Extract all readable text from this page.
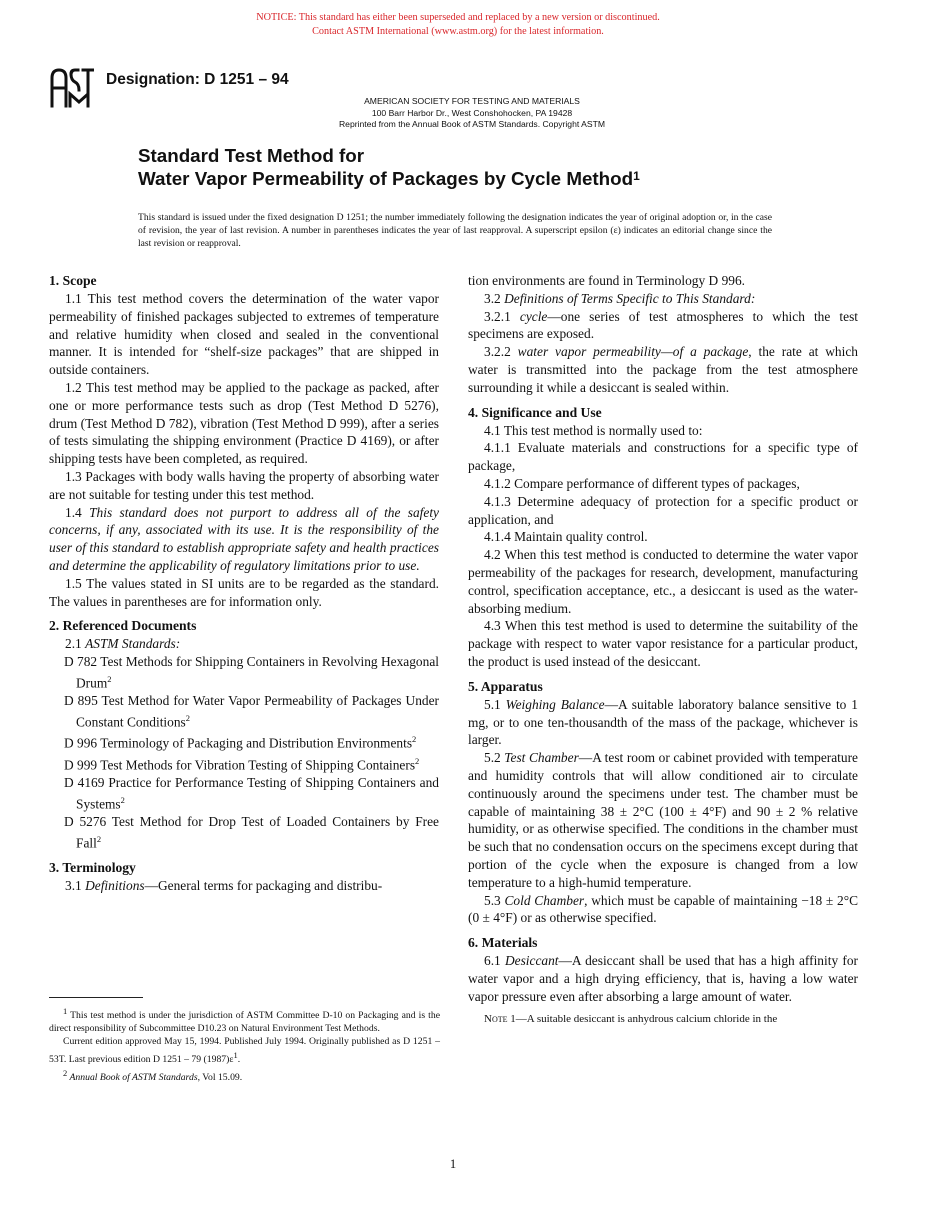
NOTICE: This standard has either been superseded and replaced by a new version or discontinued.
Contact ASTM International (www.astm.org) for the latest information.
Designation: D 1251 – 94
AMERICAN SOCIETY FOR TESTING AND MATERIALS
100 Barr Harbor Dr., West Conshohocken, PA 19428
Reprinted from the Annual Book of ASTM Standards. Copyright ASTM
Standard Test Method for
Water Vapor Permeability of Packages by Cycle Method$^1$
This standard is issued under the fixed designation D 1251; the number immediately following the designation indicates the year of original adoption or, in the case of revision, the year of last revision. A number in parentheses indicates the year of last reapproval. A superscript epsilon (ε) indicates an editorial change since the last revision or reapproval.
1. Scope

1.1 This test method covers the determination of the water vapor permeability of finished packages subjected to extremes of temperature and relative humidity when closed and sealed in the conventional manner. It is intended for “shelf-size packages” that are shipped in outside containers.

1.2 This test method may be applied to the package as packed, after one or more performance tests such as drop (Test Method D 5276), drum (Test Method D 782), vibration (Test Method D 999), after a series of tests simulating the shipping environment (Practice D 4169), or after shipping tests have been completed, as required.

1.3 Packages with body walls having the property of absorbing water are not suitable for testing under this test method.

1.4 This standard does not purport to address all of the safety concerns, if any, associated with its use. It is the responsibility of the user of this standard to establish appropriate safety and health practices and determine the applicability of regulatory limitations prior to use.

1.5 The values stated in SI units are to be regarded as the standard. The values in parentheses are for information only.

2. Referenced Documents

2.1 ASTM Standards:

D 782 Test Methods for Shipping Containers in Revolving Hexagonal Drum$^2$
D 895 Test Method for Water Vapor Permeability of Packages Under Constant Conditions$^2$
D 996 Terminology of Packaging and Distribution Environments$^2$
D 999 Test Methods for Vibration Testing of Shipping Containers$^2$
D 4169 Practice for Performance Testing of Shipping Containers and Systems$^2$
D 5276 Test Method for Drop Test of Loaded Containers by Free Fall$^2$
3. Terminology

3.1 Definitions—General terms for packaging and distribu-

tion environments are found in Terminology D 996.

3.2 Definitions of Terms Specific to This Standard:

3.2.1 cycle—one series of test atmospheres to which the test specimens are exposed.

3.2.2 water vapor permeability—of a package, the rate at which water is transmitted into the package from the test atmosphere surrounding it while a desiccant is sealed within.

4. Significance and Use

4.1 This test method is normally used to:

4.1.1 Evaluate materials and constructions for a specific type of package,

4.1.2 Compare performance of different types of packages,

4.1.3 Determine adequacy of protection for a specific product or application, and

4.1.4 Maintain quality control.

4.2 When this test method is conducted to determine the water vapor permeability of the packages for research, development, manufacturing control, specification acceptance, etc., a desiccant is used as the water-absorbing medium.

4.3 When this test method is used to determine the suitability of the package with respect to water vapor resistance for a particular product, the product is used instead of the desiccant.

5. Apparatus

5.1 Weighing Balance—A suitable laboratory balance sensitive to 1 mg, or to one ten-thousandth of the mass of the package, whichever is larger.

5.2 Test Chamber—A test room or cabinet provided with temperature and humidity controls that will allow conditioned air to circulate continuously around the specimens under test. The chamber must be capable of maintaining 38 ± 2°C (100 ± 4°F) and 90 ± 2 % relative humidity, or as otherwise specified. The conditions in the chamber must be such that no condensation occurs on the specimens except during that portion of the cycle when the exposure is changed from a low temperature to a high-humid temperature.

5.3 Cold Chamber, which must be capable of maintaining −18 ± 2°C (0 ± 4°F) or as otherwise specified.

6. Materials

6.1 Desiccant—A desiccant shall be used that has a high affinity for water vapor and a high drying efficiency, that is, having a low water vapor pressure even after absorbing a large amount of water.

Note 1—A suitable desiccant is anhydrous calcium chloride in the

$^1$ This test method is under the jurisdiction of ASTM Committee D-10 on Packaging and is the direct responsibility of Subcommittee D10.23 on Natural Environment Test Methods.

Current edition approved May 15, 1994. Published July 1994. Originally published as D 1251 – 53T. Last previous edition D 1251 – 79 $(1987)\varepsilon^1$.

$^2$ Annual Book of ASTM Standards, Vol 15.09.

1
